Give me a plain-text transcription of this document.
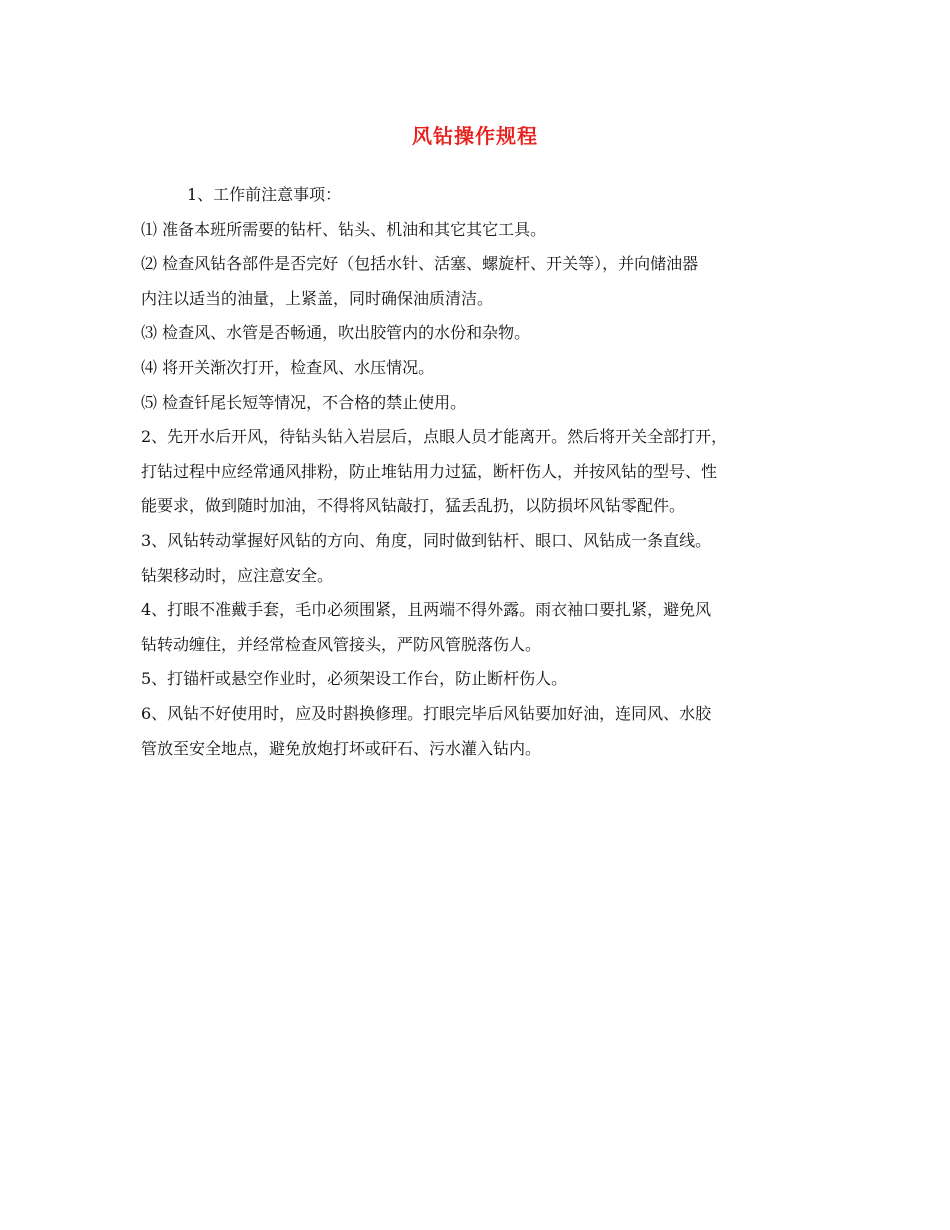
风钻操作规程
1、工作前注意事项：
⑴ 准备本班所需要的钻杆、钻头、机油和其它其它工具。
⑵ 检查风钻各部件是否完好（包括水针、活塞、螺旋杆、开关等），并向储油器
内注以适当的油量，上紧盖，同时确保油质清洁。
⑶ 检查风、水管是否畅通，吹出胶管内的水份和杂物。
⑷ 将开关渐次打开，检查风、水压情况。
⑸ 检查钎尾长短等情况，不合格的禁止使用。
2、先开水后开风，待钻头钻入岩层后，点眼人员才能离开。然后将开关全部打开，
打钻过程中应经常通风排粉，防止堆钻用力过猛，断杆伤人，并按风钻的型号、性
能要求，做到随时加油，不得将风钻敲打，猛丢乱扔，以防损坏风钻零配件。
3、风钻转动掌握好风钻的方向、角度，同时做到钻杆、眼口、风钻成一条直线。
钻架移动时，应注意安全。
4、打眼不准戴手套，毛巾必须围紧，且两端不得外露。雨衣袖口要扎紧，避免风
钻转动缠住，并经常检查风管接头，严防风管脱落伤人。
5、打锚杆或悬空作业时，必须架设工作台，防止断杆伤人。
6、风钻不好使用时，应及时斟换修理。打眼完毕后风钻要加好油，连同风、水胶
管放至安全地点，避免放炮打坏或矸石、污水灌入钻内。
